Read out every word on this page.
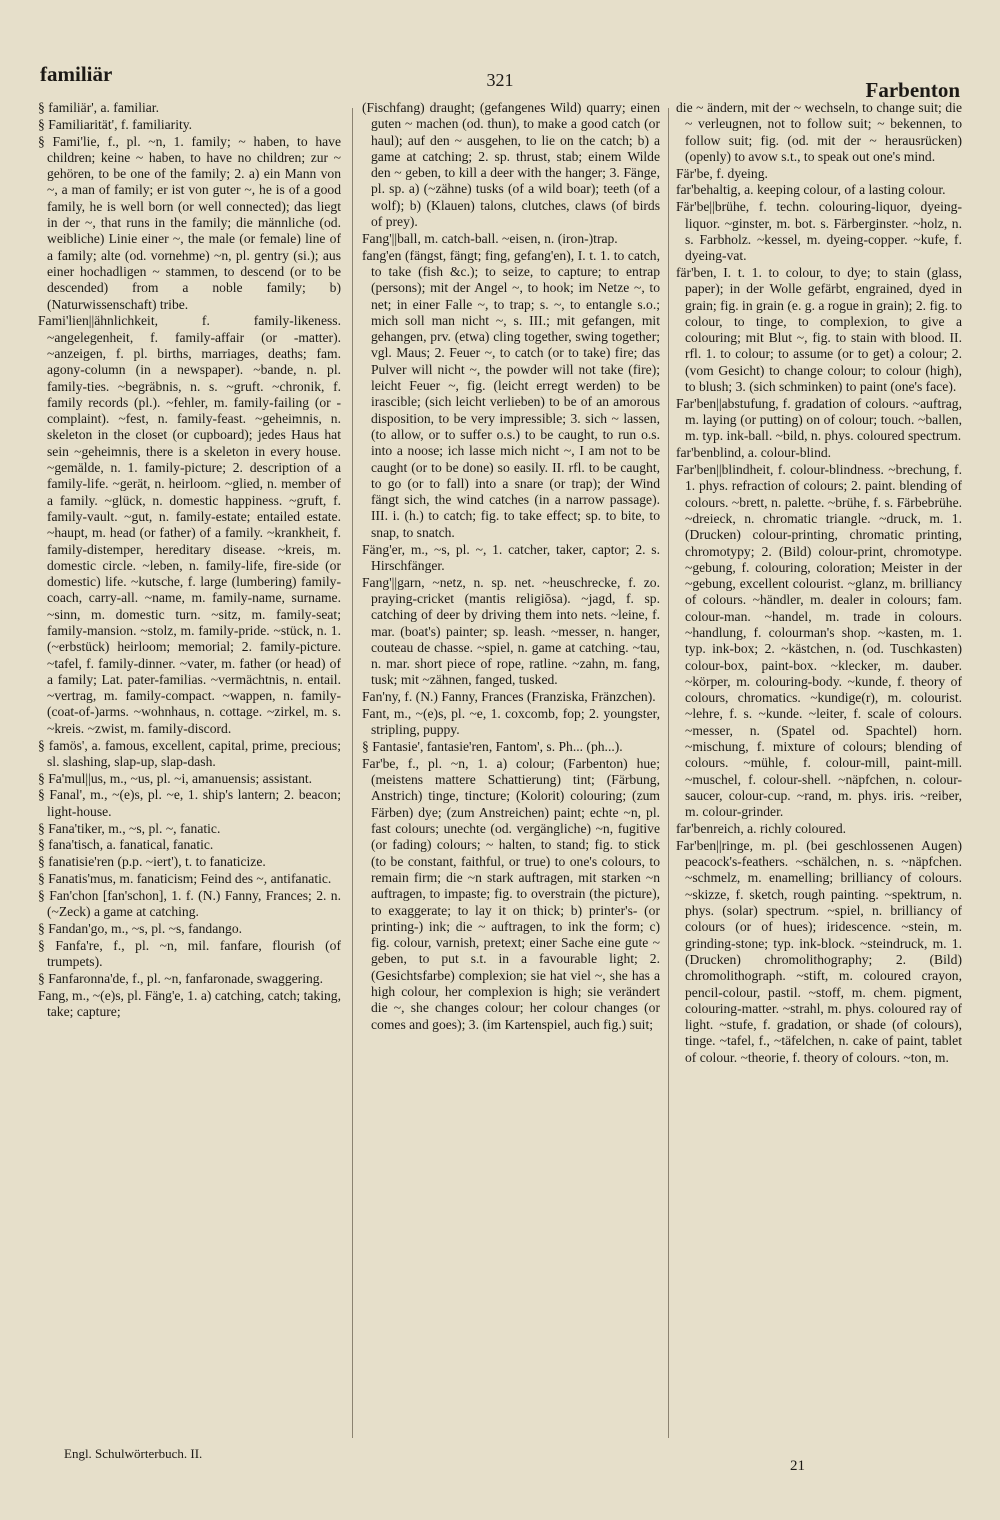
familiär	321	Farbenton

§ familiär', a. familiar.

§ Familiarität', f. familiarity.

§ Fami'lie, f., pl. ~n, 1. family; ~ haben, to have children; keine ~ haben, to have no children; zur ~ gehören, to be one of the family; 2. a) ein Mann von ~, a man of family; er ist von guter ~, he is of a good family, he is well born (or well connected); das liegt in der ~, that runs in the family; die männliche (od. weibliche) Linie einer ~, the male (or female) line of a family; alte (od. vornehme) ~n, pl. gentry (si.); aus einer hochadligen ~ stammen, to descend (or to be descended) from a noble family; b) (Naturwissenschaft) tribe.

Fami'lien||ähnlichkeit, f. family-likeness. ~angelegenheit, f. family-affair (or -matter). ~anzeigen, f. pl. births, marriages, deaths; fam. agony-column (in a newspaper). ~bande, n. pl. family-ties. ~begräbnis, n. s. ~gruft. ~chronik, f. family records (pl.). ~fehler, m. family-failing (or -complaint). ~fest, n. family-feast. ~geheimnis, n. skeleton in the closet (or cupboard); jedes Haus hat sein ~geheimnis, there is a skeleton in every house. ~gemälde, n. 1. family-picture; 2. description of a family-life. ~gerät, n. heirloom. ~glied, n. member of a family. ~glück, n. domestic happiness. ~gruft, f. family-vault. ~gut, n. family-estate; entailed estate. ~haupt, m. head (or father) of a family. ~krankheit, f. family-distemper, hereditary disease. ~kreis, m. domestic circle. ~leben, n. family-life, fire-side (or domestic) life. ~kutsche, f. large (lumbering) family-coach, carry-all. ~name, m. family-name, surname. ~sinn, m. domestic turn. ~sitz, m. family-seat; family-mansion. ~stolz, m. family-pride. ~stück, n. 1. (~erbstück) heirloom; memorial; 2. family-picture. ~tafel, f. family-dinner. ~vater, m. father (or head) of a family; Lat. pater-familias. ~vermächtnis, n. entail. ~vertrag, m. family-compact. ~wappen, n. family-(coat-of-)arms. ~wohnhaus, n. cottage. ~zirkel, m. s. ~kreis. ~zwist, m. family-discord.

§ famös', a. famous, excellent, capital, prime, precious; sl. slashing, slap-up, slap-dash.

§ Fa'mul||us, m., ~us, pl. ~i, amanuensis; assistant.

§ Fanal', m., ~(e)s, pl. ~e, 1. ship's lantern; 2. beacon; light-house.

§ Fana'tiker, m., ~s, pl. ~, fanatic.

§ fana'tisch, a. fanatical, fanatic.

§ fanatisie'ren (p.p. ~iert'), t. to fanaticize.

§ Fanatis'mus, m. fanaticism; Feind des ~, antifanatic.

§ Fan'chon [fan'schon], 1. f. (N.) Fanny, Frances; 2. n. (~Zeck) a game at catching.

§ Fandan'go, m., ~s, pl. ~s, fandango.

§ Fanfa're, f., pl. ~n, mil. fanfare, flourish (of trumpets).

§ Fanfaronna'de, f., pl. ~n, fanfaronade, swaggering.

Fang, m., ~(e)s, pl. Fäng'e, 1. a) catching, catch; taking, take; capture;

(Fischfang) draught; (gefangenes Wild) quarry; einen guten ~ machen (od. thun), to make a good catch (or haul); auf den ~ ausgehen, to lie on the catch; b) a game at catching; 2. sp. thrust, stab; einem Wilde den ~ geben, to kill a deer with the hanger; 3. Fänge, pl. sp. a) (~zähne) tusks (of a wild boar); teeth (of a wolf); b) (Klauen) talons, clutches, claws (of birds of prey).

Fang'||ball, m. catch-ball. ~eisen, n. (iron-)trap.

fang'en (fängst, fängt; fing, gefang'en), I. t. 1. to catch, to take (fish &c.); to seize, to capture; to entrap (persons); mit der Angel ~, to hook; im Netze ~, to net; in einer Falle ~, to trap; s. ~, to entangle s.o.; mich soll man nicht ~, s. III.; mit gefangen, mit gehangen, prv. (etwa) cling together, swing together; vgl. Maus; 2. Feuer ~, to catch (or to take) fire; das Pulver will nicht ~, the powder will not take (fire); leicht Feuer ~, fig. (leicht erregt werden) to be irascible; (sich leicht verlieben) to be of an amorous disposition, to be very impressible; 3. sich ~ lassen, (to allow, or to suffer o.s.) to be caught, to run o.s. into a noose; ich lasse mich nicht ~, I am not to be caught (or to be done) so easily. II. rfl. to be caught, to go (or to fall) into a snare (or trap); der Wind fängt sich, the wind catches (in a narrow passage). III. i. (h.) to catch; fig. to take effect; sp. to bite, to snap, to snatch.

Fäng'er, m., ~s, pl. ~, 1. catcher, taker, captor; 2. s. Hirschfänger.

Fang'||garn, ~netz, n. sp. net. ~heuschrecke, f. zo. praying-cricket (mantis religiōsa). ~jagd, f. sp. catching of deer by driving them into nets. ~leine, f. mar. (boat's) painter; sp. leash. ~messer, n. hanger, couteau de chasse. ~spiel, n. game at catching. ~tau, n. mar. short piece of rope, ratline. ~zahn, m. fang, tusk; mit ~zähnen, fanged, tusked.

Fan'ny, f. (N.) Fanny, Frances (Franziska, Fränzchen).

Fant, m., ~(e)s, pl. ~e, 1. coxcomb, fop; 2. youngster, stripling, puppy.

§ Fantasie', fantasie'ren, Fantom', s. Ph... (ph...).

Far'be, f., pl. ~n, 1. a) colour; (Farbenton) hue; (meistens mattere Schattierung) tint; (Färbung, Anstrich) tinge, tincture; (Kolorit) colouring; (zum Färben) dye; (zum Anstreichen) paint; echte ~n, pl. fast colours; unechte (od. vergängliche) ~n, fugitive (or fading) colours; ~ halten, to stand; fig. to stick (to be constant, faithful, or true) to one's colours, to remain firm; die ~n stark auftragen, mit starken ~n auftragen, to impaste; fig. to overstrain (the picture), to exaggerate; to lay it on thick; b) printer's- (or printing-) ink; die ~ auftragen, to ink the form; c) fig. colour, varnish, pretext; einer Sache eine gute ~ geben, to put s.t. in a favourable light; 2. (Gesichtsfarbe) complexion; sie hat viel ~, she has a high colour, her complexion is high; sie verändert die ~, she changes colour; her colour changes (or comes and goes); 3. (im Kartenspiel, auch fig.) suit;

die ~ ändern, mit der ~ wechseln, to change suit; die ~ verleugnen, not to follow suit; ~ bekennen, to follow suit; fig. (od. mit der ~ herausrücken) (openly) to avow s.t., to speak out one's mind.

Fär'be, f. dyeing.

far'behaltig, a. keeping colour, of a lasting colour.

Fär'be||brühe, f. techn. colouring-liquor, dyeing-liquor. ~ginster, m. bot. s. Färberginster. ~holz, n. s. Farbholz. ~kessel, m. dyeing-copper. ~kufe, f. dyeing-vat.

fär'ben, I. t. 1. to colour, to dye; to stain (glass, paper); in der Wolle gefärbt, engrained, dyed in grain; fig. in grain (e. g. a rogue in grain); 2. fig. to colour, to tinge, to complexion, to give a colouring; mit Blut ~, fig. to stain with blood. II. rfl. 1. to colour; to assume (or to get) a colour; 2. (vom Gesicht) to change colour; to colour (high), to blush; 3. (sich schminken) to paint (one's face).

Far'ben||abstufung, f. gradation of colours. ~auftrag, m. laying (or putting) on of colour; touch. ~ballen, m. typ. ink-ball. ~bild, n. phys. coloured spectrum.

far'benblind, a. colour-blind.

Far'ben||blindheit, f. colour-blindness. ~brechung, f. 1. phys. refraction of colours; 2. paint. blending of colours. ~brett, n. palette. ~brühe, f. s. Färbebrühe. ~dreieck, n. chromatic triangle. ~druck, m. 1. (Drucken) colour-printing, chromatic printing, chromotypy; 2. (Bild) colour-print, chromotype. ~gebung, f. colouring, coloration; Meister in der ~gebung, excellent colourist. ~glanz, m. brilliancy of colours. ~händler, m. dealer in colours; fam. colour-man. ~handel, m. trade in colours. ~handlung, f. colourman's shop. ~kasten, m. 1. typ. ink-box; 2. ~kästchen, n. (od. Tuschkasten) colour-box, paint-box. ~klecker, m. dauber. ~körper, m. colouring-body. ~kunde, f. theory of colours, chromatics. ~kundige(r), m. colourist. ~lehre, f. s. ~kunde. ~leiter, f. scale of colours. ~messer, n. (Spatel od. Spachtel) horn. ~mischung, f. mixture of colours; blending of colours. ~mühle, f. colour-mill, paint-mill. ~muschel, f. colour-shell. ~näpfchen, n. colour-saucer, colour-cup. ~rand, m. phys. iris. ~reiber, m. colour-grinder.

far'benreich, a. richly coloured.

Far'ben||ringe, m. pl. (bei geschlossenen Augen) peacock's-feathers. ~schälchen, n. s. ~näpfchen. ~schmelz, m. enamelling; brilliancy of colours. ~skizze, f. sketch, rough painting. ~spektrum, n. phys. (solar) spectrum. ~spiel, n. brilliancy of colours (or of hues); iridescence. ~stein, m. grinding-stone; typ. ink-block. ~steindruck, m. 1. (Drucken) chromolithography; 2. (Bild) chromolithograph. ~stift, m. coloured crayon, pencil-colour, pastil. ~stoff, m. chem. pigment, colouring-matter. ~strahl, m. phys. coloured ray of light. ~stufe, f. gradation, or shade (of colours), tinge. ~tafel, f., ~täfelchen, n. cake of paint, tablet of colour. ~theorie, f. theory of colours. ~ton, m.

Engl. Schulwörterbuch. II.
21
